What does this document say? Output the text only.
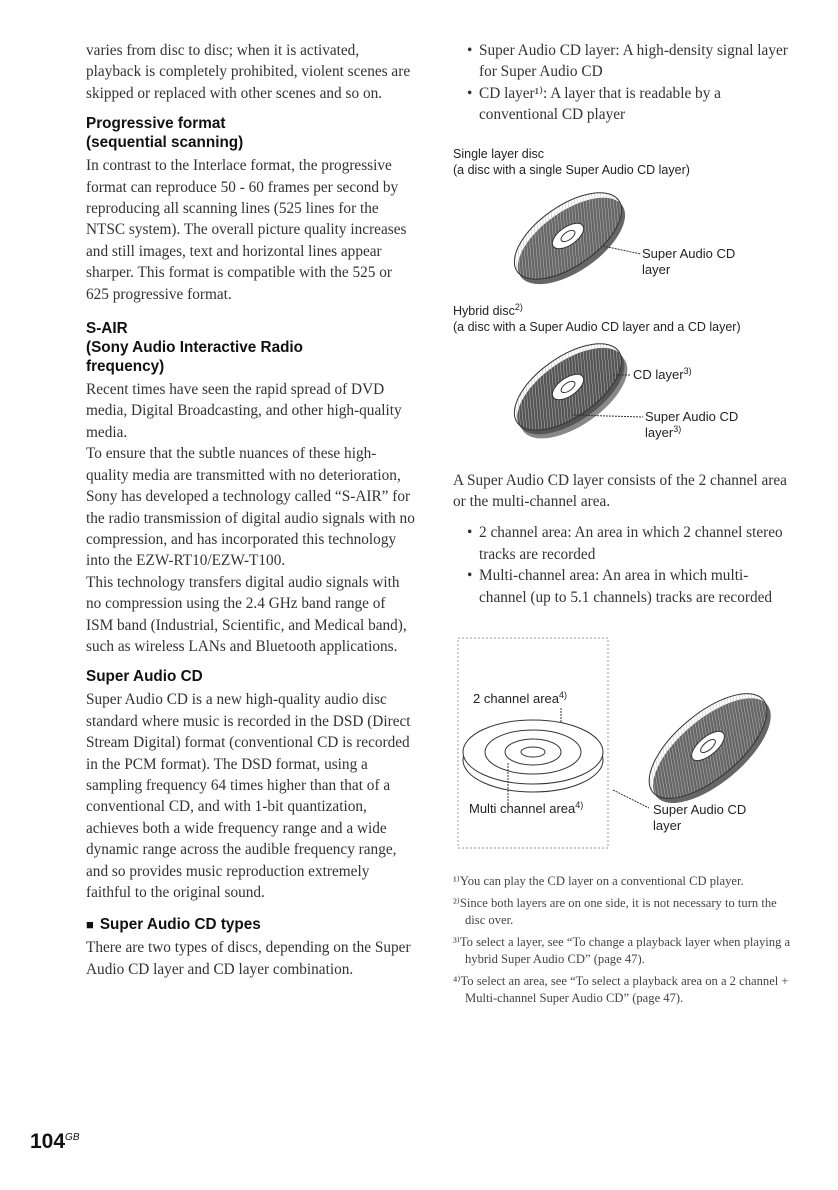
varies from disc to disc; when it is activated, playback is completely prohibited, violent scenes are skipped or replaced with other scenes and so on.

Progressive format
(sequential scanning)

In contrast to the Interlace format, the progressive format can reproduce 50 - 60 frames per second by reproducing all scanning lines (525 lines for the NTSC system). The overall picture quality increases and still images, text and horizontal lines appear sharper. This format is compatible with the 525 or 625 progressive format.

S-AIR
(Sony Audio Interactive Radio
frequency)

Recent times have seen the rapid spread of DVD media, Digital Broadcasting, and other high-quality media.

To ensure that the subtle nuances of these high-quality media are transmitted with no deterioration, Sony has developed a technology called “S-AIR” for the radio transmission of digital audio signals with no compression, and has incorporated this technology into the EZW-RT10/EZW-T100.

This technology transfers digital audio signals with no compression using the 2.4 GHz band range of ISM band (Industrial, Scientific, and Medical band), such as wireless LANs and Bluetooth applications.

Super Audio CD

Super Audio CD is a new high-quality audio disc standard where music is recorded in the DSD (Direct Stream Digital) format (conventional CD is recorded in the PCM format). The DSD format, using a sampling frequency 64 times higher than that of a conventional CD, and with 1-bit quantization, achieves both a wide frequency range and a wide dynamic range across the audible frequency range, and so provides music reproduction extremely faithful to the original sound.

■ Super Audio CD types

There are two types of discs, depending on the Super Audio CD layer and CD layer combination.

• Super Audio CD layer: A high-density signal layer for Super Audio CD
• CD layer¹⁾: A layer that is readable by a conventional CD player

Single layer disc

(a disc with a single Super Audio CD layer)

Super Audio CD
layer

Hybrid disc$^{2)}$

(a disc with a Super Audio CD layer and a CD layer)

CD layer$^{3)}$
Super Audio CD
layer$^{3)}$

A Super Audio CD layer consists of the 2 channel area or the multi-channel area.

• 2 channel area: An area in which 2 channel stereo tracks are recorded
• Multi-channel area: An area in which multi-channel (up to 5.1 channels) tracks are recorded
2 channel area$^{4)}$
Multi channel area$^{4)}$	Super Audio CD
layer

¹⁾You can play the CD layer on a conventional CD player.

²⁾Since both layers are on one side, it is not necessary to turn the disc over.

³⁾To select a layer, see “To change a playback layer when playing a hybrid Super Audio CD” (page 47).

⁴⁾To select an area, see “To select a playback area on a 2 channel + Multi-channel Super Audio CD” (page 47).

$104^{GB}$
